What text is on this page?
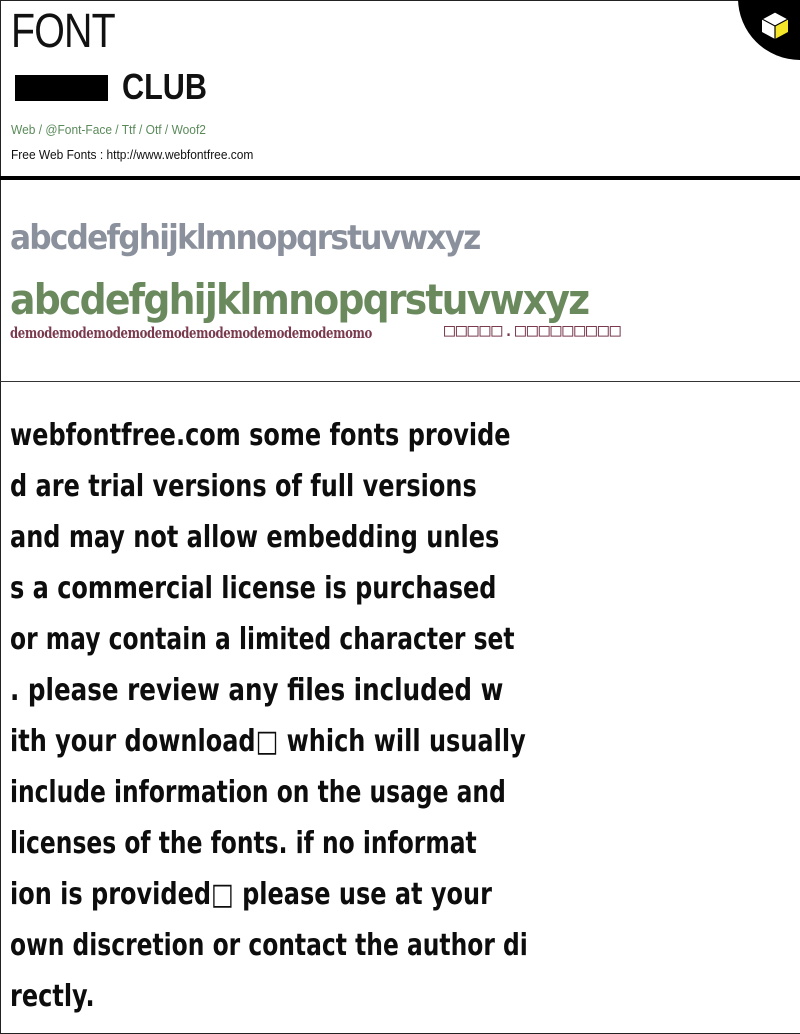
FONT
CLUB
Web / @Font-Face / Ttf / Otf / Woof2
Free Web Fonts : http://www.webfontfree.com
abcdefghijklmnopqrstuvwxyz
abcdefghijklmnopqrstuvwxyz
demodemodemodemodemodemodemodemodemodemomo	□□□□□.□□□□□□□□□
webfontfree.com some fonts provide
d are trial versions of full versions
and may not allow embedding unles
s a commercial license is purchased
or may contain a limited character set
. please review any files included w
ith your download□ which will usually
include information on the usage and
licenses of the fonts. if no informat
ion is provided□ please use at your
own discretion or contact the author di
rectly.
